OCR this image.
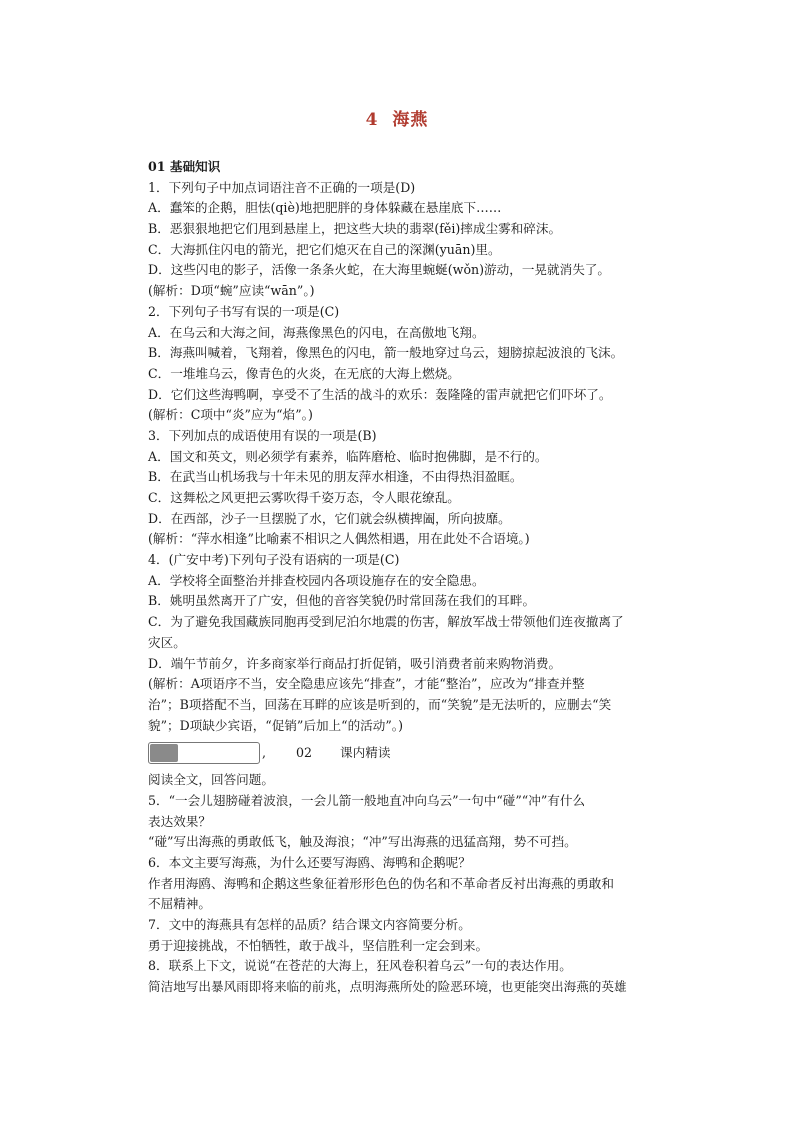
4 海燕
01 基础知识
1．下列句子中加点词语注音不正确的一项是(D)
A．蠢笨的企鹅，胆怯(qiè)地把肥胖的身体躲藏在悬崖底下……
B．恶狠狠地把它们甩到悬崖上，把这些大块的翡翠(fěi)摔成尘雾和碎沫。
C．大海抓住闪电的箭光，把它们熄灭在自己的深渊(yuān)里。
D．这些闪电的影子，活像一条条火蛇，在大海里蜿蜒(wǒn)游动，一晃就消失了。
(解析：D项“蜿”应读“wān”。)
2．下列句子书写有误的一项是(C)
A．在乌云和大海之间，海燕像黑色的闪电，在高傲地飞翔。
B．海燕叫喊着，飞翔着，像黑色的闪电，箭一般地穿过乌云，翅膀掠起波浪的飞沫。
C．一堆堆乌云，像青色的火炎，在无底的大海上燃烧。
D．它们这些海鸭啊，享受不了生活的战斗的欢乐：轰隆隆的雷声就把它们吓坏了。
(解析：C项中“炎”应为“焰”。)
3．下列加点的成语使用有误的一项是(B)
A．国文和英文，则必须学有素养，临阵磨枪、临时抱佛脚，是不行的。
B．在武当山机场我与十年未见的朋友萍水相逢，不由得热泪盈眶。
C．这舞松之风更把云雾吹得千姿万态，令人眼花缭乱。
D．在西部，沙子一旦摆脱了水，它们就会纵横捭阖，所向披靡。
(解析：“萍水相逢”比喻素不相识之人偶然相遇，用在此处不合语境。)
4．(广安中考)下列句子没有语病的一项是(C)
A．学校将全面整治并排查校园内各项设施存在的安全隐患。
B．姚明虽然离开了广安，但他的音容笑貌仍时常回荡在我们的耳畔。
C．为了避免我国藏族同胞再受到尼泊尔地震的伤害，解放军战士带领他们连夜撤离了
灾区。
D．端午节前夕，许多商家举行商品打折促销，吸引消费者前来购物消费。
(解析：A项语序不当，安全隐患应该先“排查”，才能“整治”，应改为“排查并整
治”；B项搭配不当，回荡在耳畔的应该是听到的，而“笑貌”是无法听的，应删去“笑
貌”；D项缺少宾语，“促销”后加上“的活动”。)
, 02 课内精读
阅读全文，回答问题。
5．“一会儿翅膀碰着波浪，一会儿箭一般地直冲向乌云”一句中“碰”“冲”有什么
表达效果？
“碰”写出海燕的勇敢低飞，触及海浪；“冲”写出海燕的迅猛高翔，势不可挡。
6．本文主要写海燕，为什么还要写海鸥、海鸭和企鹅呢？
作者用海鸥、海鸭和企鹅这些象征着形形色色的伪名和不革命者反衬出海燕的勇敢和
不屈精神。
7．文中的海燕具有怎样的品质？结合课文内容简要分析。
勇于迎接挑战，不怕牺牲，敢于战斗，坚信胜利一定会到来。
8．联系上下文，说说“在苍茫的大海上，狂风卷积着乌云”一句的表达作用。
简洁地写出暴风雨即将来临的前兆，点明海燕所处的险恶环境，也更能突出海燕的英雄
